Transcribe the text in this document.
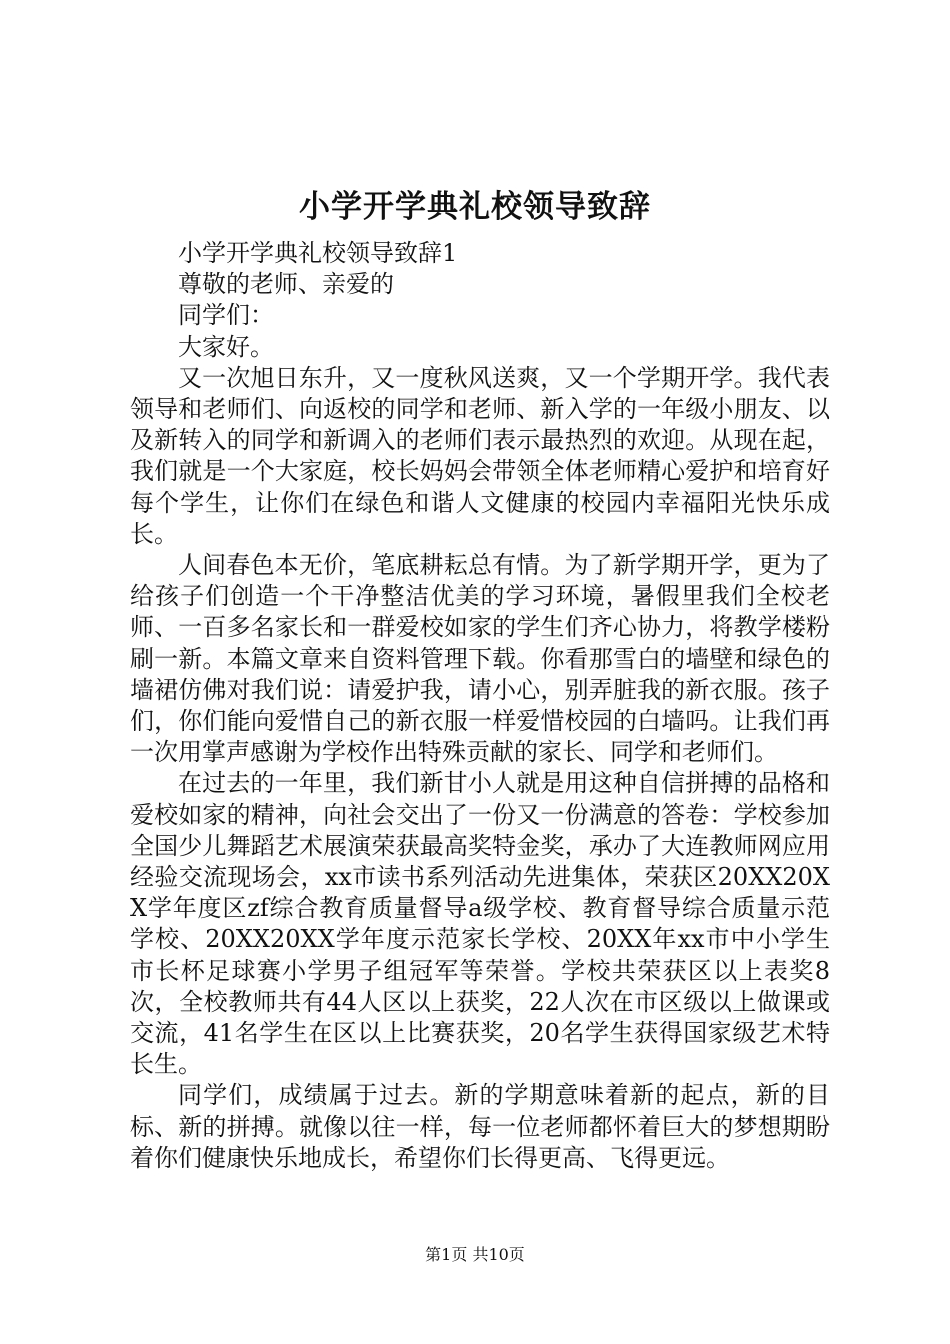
小学开学典礼校领导致辞

小学开学典礼校领导致辞1

尊敬的老师、亲爱的

同学们：

大家好。

又一次旭日东升，又一度秋风送爽，又一个学期开学。我代表领导和老师们、向返校的同学和老师、新入学的一年级小朋友、以及新转入的同学和新调入的老师们表示最热烈的欢迎。从现在起，我们就是一个大家庭，校长妈妈会带领全体老师精心爱护和培育好每个学生，让你们在绿色和谐人文健康的校园内幸福阳光快乐成长。

人间春色本无价，笔底耕耘总有情。为了新学期开学，更为了给孩子们创造一个干净整洁优美的学习环境，暑假里我们全校老师、一百多名家长和一群爱校如家的学生们齐心协力，将教学楼粉刷一新。本篇文章来自资料管理下载。你看那雪白的墙壁和绿色的墙裙仿佛对我们说：请爱护我，请小心，别弄脏我的新衣服。孩子们，你们能向爱惜自己的新衣服一样爱惜校园的白墙吗。让我们再一次用掌声感谢为学校作出特殊贡献的家长、同学和老师们。

在过去的一年里，我们新甘小人就是用这种自信拼搏的品格和爱校如家的精神，向社会交出了一份又一份满意的答卷：学校参加全国少儿舞蹈艺术展演荣获最高奖特金奖，承办了大连教师网应用经验交流现场会，xx市读书系列活动先进集体，荣获区20XX20XX学年度区zf综合教育质量督导a级学校、教育督导综合质量示范学校、20XX20XX学年度示范家长学校、20XX年xx市中小学生市长杯足球赛小学男子组冠军等荣誉。学校共荣获区以上表奖8次，全校教师共有44人区以上获奖，22人次在市区级以上做课或交流，41名学生在区以上比赛获奖，20名学生获得国家级艺术特长生。

同学们，成绩属于过去。新的学期意味着新的起点，新的目标、新的拼搏。就像以往一样，每一位老师都怀着巨大的梦想期盼着你们健康快乐地成长，希望你们长得更高、飞得更远。

第1页 共10页
